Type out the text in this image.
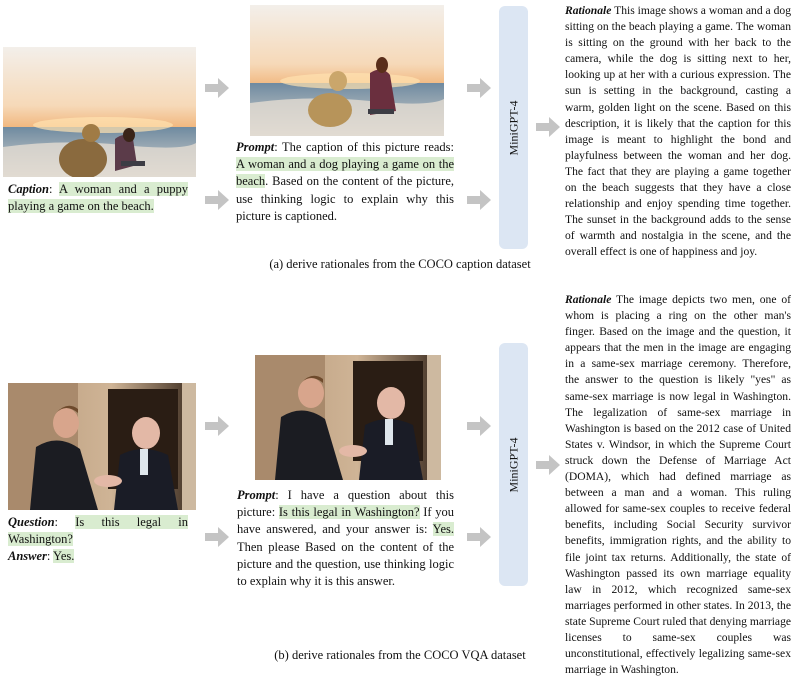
Caption: A woman and a puppy playing a game on the beach.
Prompt: The caption of this picture reads: A woman and a dog playing a game on the beach. Based on the content of the picture, use thinking logic to explain why this picture is captioned.
MiniGPT-4
Rationale This image shows a woman and a dog sitting on the beach playing a game. The woman is sitting on the ground with her back to the camera, while the dog is sitting next to her, looking up at her with a curious expression. The sun is setting in the background, casting a warm, golden light on the scene. Based on this description, it is likely that the caption for this image is meant to highlight the bond and playfulness between the woman and her dog. The fact that they are playing a game together on the beach suggests that they have a close relationship and enjoy spending time together. The sunset in the background adds to the sense of warmth and nostalgia in the scene, and the overall effect is one of happiness and joy.
(a) derive rationales from the COCO caption dataset
Question: Is this legal in Washington?
Answer: Yes.
Prompt: I have a question about this picture: Is this legal in Washington? If you have answered, and your answer is: Yes. Then please Based on the content of the picture and the question, use thinking logic to explain why it is this answer.
MiniGPT-4
Rationale The image depicts two men, one of whom is placing a ring on the other man's finger. Based on the image and the question, it appears that the men in the image are engaging in a same-sex marriage ceremony. Therefore, the answer to the question is likely "yes" as same-sex marriage is now legal in Washington. The legalization of same-sex marriage in Washington is based on the 2012 case of United States v. Windsor, in which the Supreme Court struck down the Defense of Marriage Act (DOMA), which had defined marriage as between a man and a woman. This ruling allowed for same-sex couples to receive federal benefits, including Social Security survivor benefits, immigration rights, and the ability to file joint tax returns. Additionally, the state of Washington passed its own marriage equality law in 2012, which recognized same-sex marriages performed in other states. In 2013, the state Supreme Court ruled that denying marriage licenses to same-sex couples was unconstitutional, effectively legalizing same-sex marriage in Washington.
(b) derive rationales from the COCO VQA dataset
